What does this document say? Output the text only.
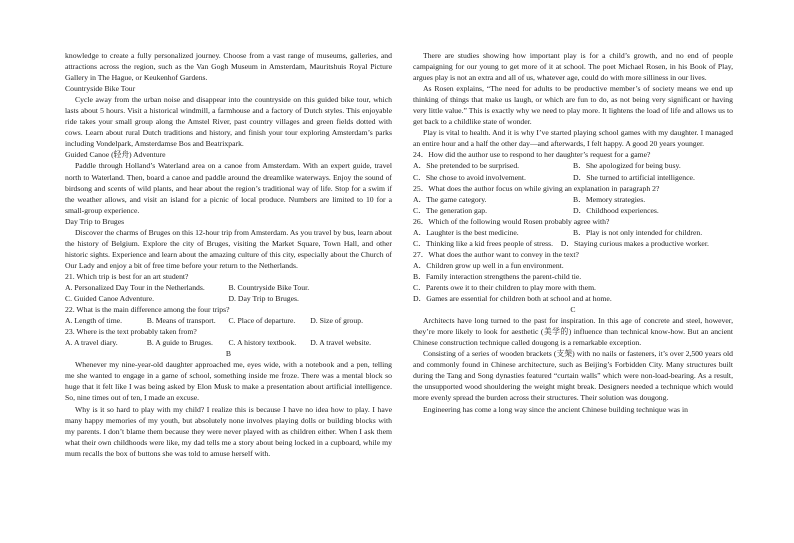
knowledge to create a fully personalized journey. Choose from a vast range of museums, galleries, and attractions across the region, such as the Van Gogh Museum in Amsterdam, Mauritshuis Royal Picture Gallery in The Hague, or Keukenhof Gardens.

Countryside Bike Tour

Cycle away from the urban noise and disappear into the countryside on this guided bike tour, which lasts about 5 hours. Visit a historical windmill, a farmhouse and a factory of Dutch styles. This enjoyable ride takes your small group along the Amstel River, past country villages and green fields dotted with cows. Learn about rural Dutch traditions and history, and finish your tour exploring Amsterdam’s parks including Vondelpark, Amsterdamse Bos and Beatrixpark.

Guided Canoe (轻舟) Adventure

Paddle through Holland’s Waterland area on a canoe from Amsterdam. With an expert guide, travel north to Waterland. Then, board a canoe and paddle around the dreamlike waterways. Enjoy the sound of birdsong and scents of wild plants, and hear about the region’s traditional way of life. Stop for a swim if the weather allows, and visit an island for a picnic of local produce. Numbers are limited to 10 for a small-group experience.

Day Trip to Bruges

Discover the charms of Bruges on this 12-hour trip from Amsterdam. As you travel by bus, learn about the history of Belgium. Explore the city of Bruges, visiting the Market Square, Town Hall, and other historic sights. Experience and learn about the amazing culture of this city, especially about the Church of Our Lady and enjoy a bit of free time before your return to the Netherlands.

21. Which trip is best for an art student?

A. Personalized Day Tour in the Netherlands.	B. Countryside Bike Tour.
C. Guided Canoe Adventure.	D. Day Trip to Bruges.

22. What is the main difference among the four trips?

A. Length of time.	B. Means of transport.	C. Place of departure.	D. Size of group.

23. Where is the text probably taken from?

A. A travel diary.	B. A guide to Bruges.	C. A history textbook.	D. A travel website.

B

Whenever my nine-year-old daughter approached me, eyes wide, with a notebook and a pen, telling me she wanted to engage in a game of school, something inside me froze. There was a mental block so huge that it felt like I was being asked by Elon Musk to make a presentation about artificial intelligence. So, nine times out of ten, I made an excuse.

Why is it so hard to play with my child? I realize this is because I have no idea how to play. I have many happy memories of my youth, but absolutely none involves playing dolls or building blocks with my parents. I don’t blame them because they were never played with as children either. When I ask them what their own childhoods were like, my dad tells me a story about being locked in a cupboard, while my mum recalls the box of buttons she was told to amuse herself with.

There are studies showing how important play is for a child’s growth, and no end of people campaigning for our young to get more of it at school. The poet Michael Rosen, in his Book of Play, argues play is not an extra and all of us, whatever age, could do with more silliness in our lives.

As Rosen explains, “The need for adults to be productive member’s of society means we end up thinking of things that make us laugh, or which are fun to do, as not being very significant or having very little value.” This is exactly why we need to play more. It lightens the load of life and allows us to get back to a childlike state of wonder.

Play is vital to health. And it is why I’ve started playing school games with my daughter. I managed an entire hour and a half the other day—and afterwards, I felt happy. A good 20 years younger.

24．How did the author use to respond to her daughter’s request for a game?

A．She pretended to be surprised.	B．She apologized for being busy.
C．She chose to avoid involvement.	D．She turned to artificial intelligence.

25．What does the author focus on while giving an explanation in paragraph 2?

A．The game category.	B．Memory strategies.
C．The generation gap.	D．Childhood experiences.

26．Which of the following would Rosen probably agree with?

A．Laughter is the best medicine.	B．Play is not only intended for children.

C．Thinking like a kid frees people of stress.　D．Staying curious makes a productive worker.

27．What does the author want to convey in the text?

A．Children grow up well in a fun environment.

B．Family interaction strengthens the parent-child tie.

C．Parents owe it to their children to play more with them.

D．Games are essential for children both at school and at home.

C

Architects have long turned to the past for inspiration. In this age of concrete and steel, however, they’re more likely to look for aesthetic (美学的) influence than technical know-how. But an ancient Chinese construction technique called dougong is a remarkable exception.

Consisting of a series of wooden brackets (支架) with no nails or fasteners, it’s over 2,500 years old and commonly found in Chinese architecture, such as Beijing’s Forbidden City. Many structures built during the Tang and Song dynasties featured “curtain walls” which were non-load-bearing. As a result, the unsupported wood shouldering the weight might break. Designers needed a technique which would more evenly spread the burden across their structures. Their solution was dougong.

Engineering has come a long way since the ancient Chinese building technique was in
